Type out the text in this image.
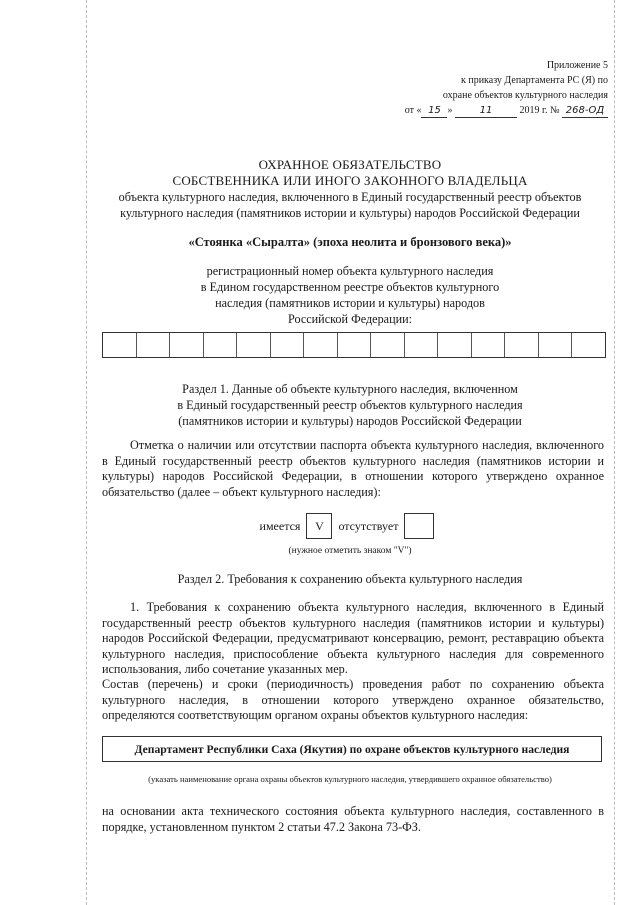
Приложение 5
к приказу Департамента РС (Я) по
охране объектов культурного наследия
от « 15 »	11	2019 г. № 268-ОД
ОХРАННОЕ ОБЯЗАТЕЛЬСТВО
СОБСТВЕННИКА ИЛИ ИНОГО ЗАКОННОГО ВЛАДЕЛЬЦА
объекта культурного наследия, включенного в Единый государственный реестр объектов
культурного наследия (памятников истории и культуры) народов Российской Федерации
«Стоянка «Сыралта» (эпоха неолита и бронзового века)»
регистрационный номер объекта культурного наследия
в Едином государственном реестре объектов культурного
наследия (памятников истории и культуры) народов
Российской Федерации:
Раздел 1. Данные об объекте культурного наследия, включенном
в Единый государственный реестр объектов культурного наследия
(памятников истории и культуры) народов Российской Федерации
Отметка о наличии или отсутствии паспорта объекта культурного наследия, включенного в Единый государственный реестр объектов культурного наследия (памятников истории и культуры) народов Российской Федерации, в отношении которого утверждено охранное обязательство (далее – объект культурного наследия):
имеется	V	отсутствует
(нужное отметить знаком "V")
Раздел 2. Требования к сохранению объекта культурного наследия
1. Требования к сохранению объекта культурного наследия, включенного в Единый государственный реестр объектов культурного наследия (памятников истории и культуры) народов Российской Федерации, предусматривают консервацию, ремонт, реставрацию объекта культурного наследия, приспособление объекта культурного наследия для современного использования, либо сочетание указанных мер.
Состав (перечень) и сроки (периодичность) проведения работ по сохранению объекта культурного наследия, в отношении которого утверждено охранное обязательство, определяются соответствующим органом охраны объектов культурного наследия:
Департамент Республики Саха (Якутия) по охране объектов культурного наследия
(указать наименование органа охраны объектов культурного наследия, утвердившего охранное обязательство)
на основании акта технического состояния объекта культурного наследия, составленного в порядке, установленном пунктом 2 статьи 47.2 Закона 73-ФЗ.
